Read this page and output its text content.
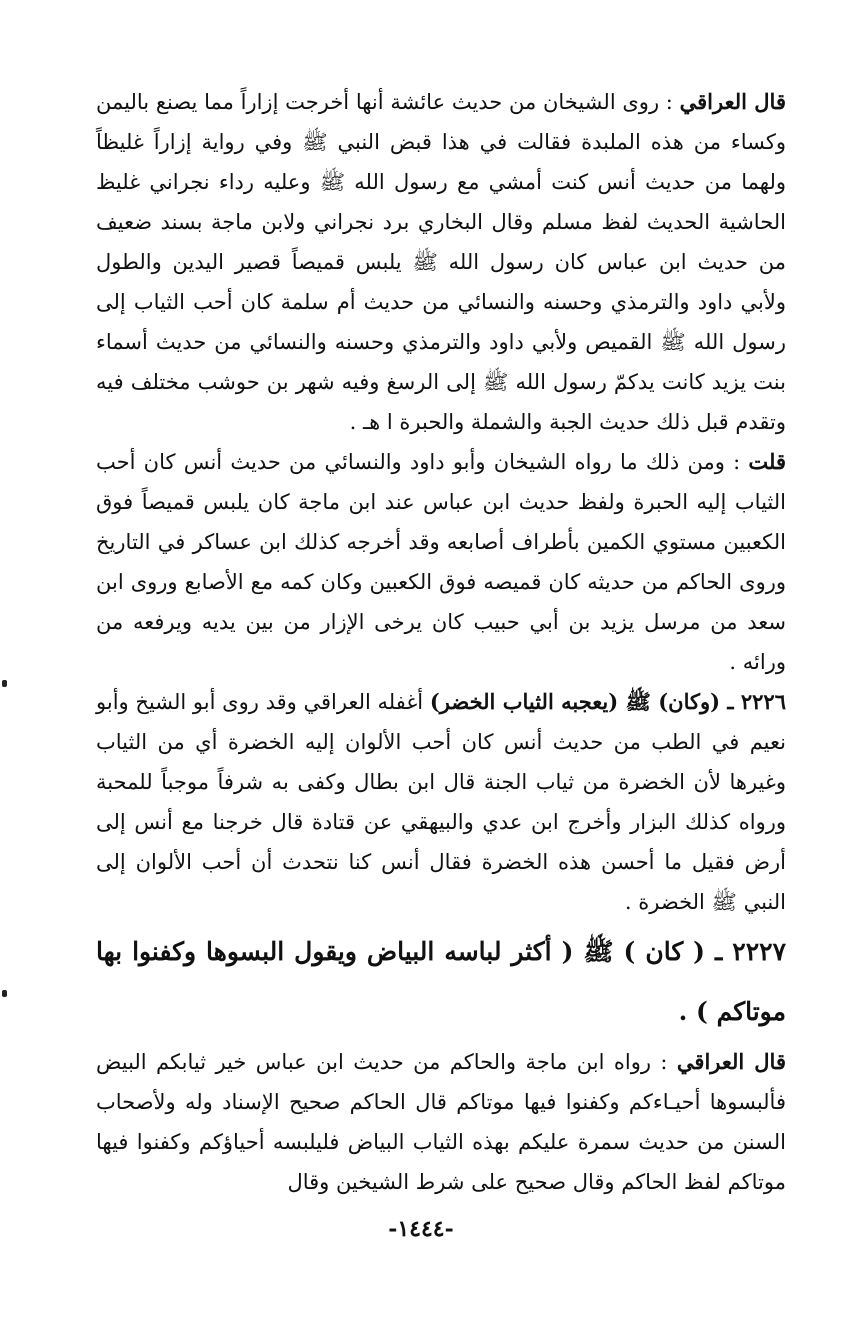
قال العراقي : روى الشيخان من حديث عائشة أنها أخرجت إزاراً مما يصنع باليمن وكساء من هذه الملبدة فقالت في هذا قبض النبي ﷺ وفي رواية إزاراً غليظاً ولهما من حديث أنس كنت أمشي مع رسول الله ﷺ وعليه رداء نجراني غليظ الحاشية الحديث لفظ مسلم وقال البخاري برد نجراني ولابن ماجة بسند ضعيف من حديث ابن عباس كان رسول الله ﷺ يلبس قميصاً قصير اليدين والطول ولأبي داود والترمذي وحسنه والنسائي من حديث أم سلمة كان أحب الثياب إلى رسول الله ﷺ القميص ولأبي داود والترمذي وحسنه والنسائي من حديث أسماء بنت يزيد كانت يدكمّ رسول الله ﷺ إلى الرسغ وفيه شهر بن حوشب مختلف فيه وتقدم قبل ذلك حديث الجبة والشملة والحبرة ا هـ .

قلت : ومن ذلك ما رواه الشيخان وأبو داود والنسائي من حديث أنس كان أحب الثياب إليه الحبرة ولفظ حديث ابن عباس عند ابن ماجة كان يلبس قميصاً فوق الكعبين مستوي الكمين بأطراف أصابعه وقد أخرجه كذلك ابن عساكر في التاريخ وروى الحاكم من حديثه كان قميصه فوق الكعبين وكان كمه مع الأصابع وروى ابن سعد من مرسل يزيد بن أبي حبيب كان يرخى الإزار من بين يديه ويرفعه من ورائه .

٢٢٢٦ ـ (وكان) ﷺ (يعجبه الثياب الخضر) أغفله العراقي وقد روى أبو الشيخ وأبو نعيم في الطب من حديث أنس كان أحب الألوان إليه الخضرة أي من الثياب وغيرها لأن الخضرة من ثياب الجنة قال ابن بطال وكفى به شرفاً موجباً للمحبة ورواه كذلك البزار وأخرج ابن عدي والبيهقي عن قتادة قال خرجنا مع أنس إلى أرض فقيل ما أحسن هذه الخضرة فقال أنس كنا نتحدث أن أحب الألوان إلى النبي ﷺ الخضرة .

٢٢٢٧ ـ ( كان ) ﷺ ( أكثر لباسه البياض ويقول البسوها وكفنوا بها موتاكم ) .

قال العراقي : رواه ابن ماجة والحاكم من حديث ابن عباس خير ثيابكم البيض فألبسوها أحيـاءكم وكفنوا فيها موتاكم قال الحاكم صحيح الإسناد وله ولأصحاب السنن من حديث سمرة عليكم بهذه الثياب البياض فليلبسه أحياؤكم وكفنوا فيها موتاكم لفظ الحاكم وقال صحيح على شرط الشيخين وقال

-١٤٤٤-
